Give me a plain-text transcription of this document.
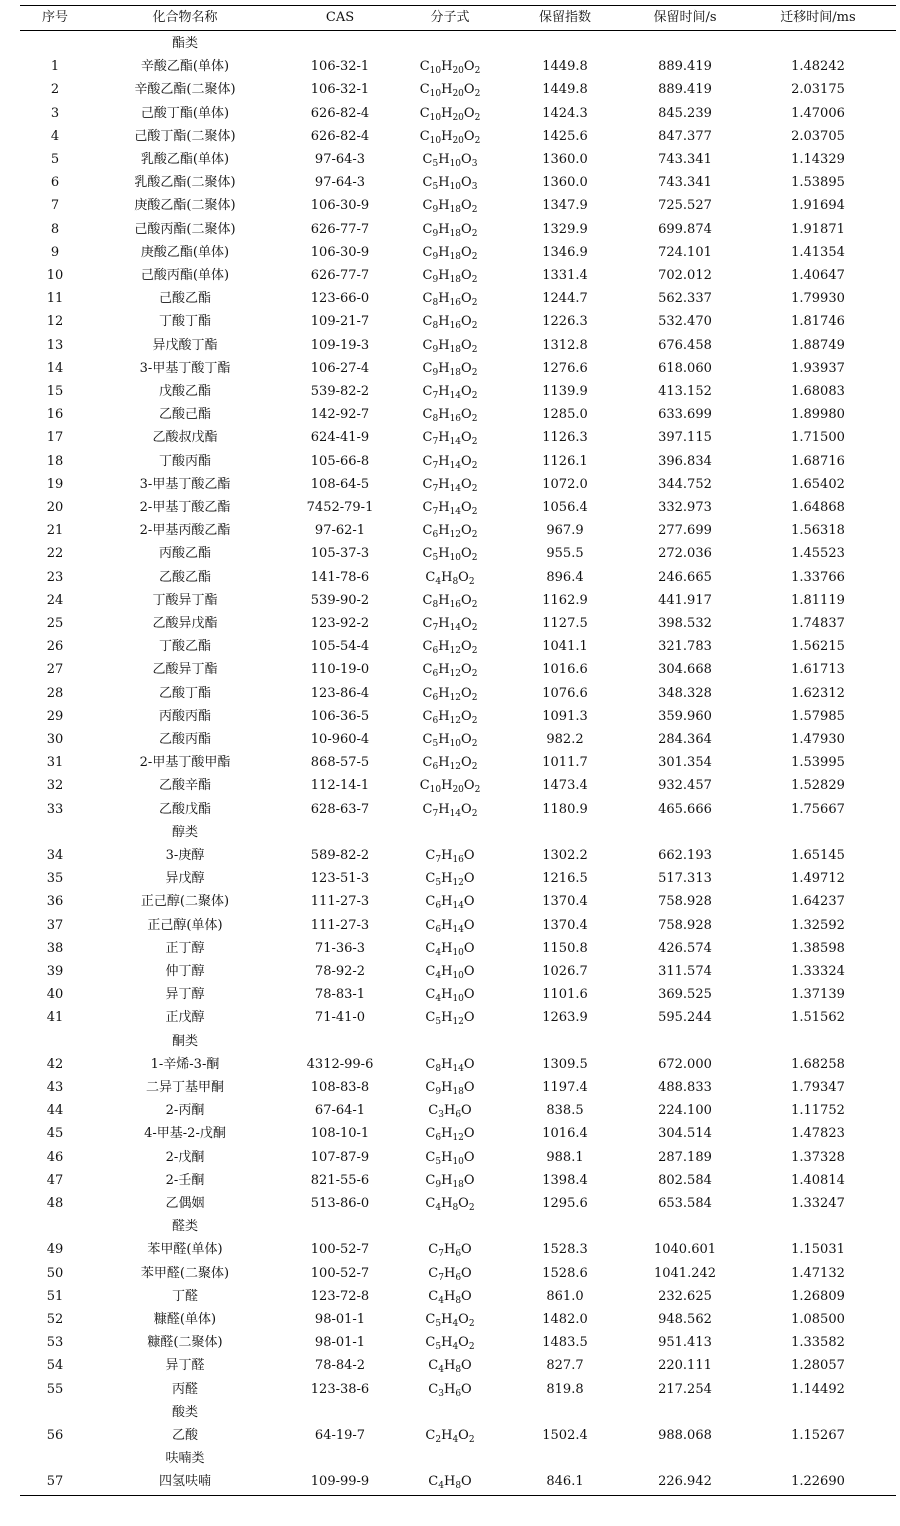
序号	化合物名称	CAS	分子式	保留指数	保留时间/s	迁移时间/ms
酯类
1	辛酸乙酯(单体)	106-32-1	$C_{10}H_{20}O_2$	1449.8	889.419	1.48242
2	辛酸乙酯(二聚体)	106-32-1	$C_{10}H_{20}O_2$	1449.8	889.419	2.03175
3	己酸丁酯(单体)	626-82-4	$C_{10}H_{20}O_2$	1424.3	845.239	1.47006
4	己酸丁酯(二聚体)	626-82-4	$C_{10}H_{20}O_2$	1425.6	847.377	2.03705
5	乳酸乙酯(单体)	97-64-3	$C_5H_{10}O_3$	1360.0	743.341	1.14329
6	乳酸乙酯(二聚体)	97-64-3	$C_5H_{10}O_3$	1360.0	743.341	1.53895
7	庚酸乙酯(二聚体)	106-30-9	$C_9H_{18}O_2$	1347.9	725.527	1.91694
8	己酸丙酯(二聚体)	626-77-7	$C_9H_{18}O_2$	1329.9	699.874	1.91871
9	庚酸乙酯(单体)	106-30-9	$C_9H_{18}O_2$	1346.9	724.101	1.41354
10	己酸丙酯(单体)	626-77-7	$C_9H_{18}O_2$	1331.4	702.012	1.40647
11	己酸乙酯	123-66-0	$C_8H_{16}O_2$	1244.7	562.337	1.79930
12	丁酸丁酯	109-21-7	$C_8H_{16}O_2$	1226.3	532.470	1.81746
13	异戊酸丁酯	109-19-3	$C_9H_{18}O_2$	1312.8	676.458	1.88749
14	3-甲基丁酸丁酯	106-27-4	$C_9H_{18}O_2$	1276.6	618.060	1.93937
15	戊酸乙酯	539-82-2	$C_7H_{14}O_2$	1139.9	413.152	1.68083
16	乙酸己酯	142-92-7	$C_8H_{16}O_2$	1285.0	633.699	1.89980
17	乙酸叔戊酯	624-41-9	$C_7H_{14}O_2$	1126.3	397.115	1.71500
18	丁酸丙酯	105-66-8	$C_7H_{14}O_2$	1126.1	396.834	1.68716
19	3-甲基丁酸乙酯	108-64-5	$C_7H_{14}O_2$	1072.0	344.752	1.65402
20	2-甲基丁酸乙酯	7452-79-1	$C_7H_{14}O_2$	1056.4	332.973	1.64868
21	2-甲基丙酸乙酯	97-62-1	$C_6H_{12}O_2$	967.9	277.699	1.56318
22	丙酸乙酯	105-37-3	$C_5H_{10}O_2$	955.5	272.036	1.45523
23	乙酸乙酯	141-78-6	$C_4H_8O_2$	896.4	246.665	1.33766
24	丁酸异丁酯	539-90-2	$C_8H_{16}O_2$	1162.9	441.917	1.81119
25	乙酸异戊酯	123-92-2	$C_7H_{14}O_2$	1127.5	398.532	1.74837
26	丁酸乙酯	105-54-4	$C_6H_{12}O_2$	1041.1	321.783	1.56215
27	乙酸异丁酯	110-19-0	$C_6H_{12}O_2$	1016.6	304.668	1.61713
28	乙酸丁酯	123-86-4	$C_6H_{12}O_2$	1076.6	348.328	1.62312
29	丙酸丙酯	106-36-5	$C_6H_{12}O_2$	1091.3	359.960	1.57985
30	乙酸丙酯	10-960-4	$C_5H_{10}O_2$	982.2	284.364	1.47930
31	2-甲基丁酸甲酯	868-57-5	$C_6H_{12}O_2$	1011.7	301.354	1.53995
32	乙酸辛酯	112-14-1	$C_{10}H_{20}O_2$	1473.4	932.457	1.52829
33	乙酸戊酯	628-63-7	$C_7H_{14}O_2$	1180.9	465.666	1.75667
醇类
34	3-庚醇	589-82-2	$C_7H_{16}O$	1302.2	662.193	1.65145
35	异戊醇	123-51-3	$C_5H_{12}O$	1216.5	517.313	1.49712
36	正己醇(二聚体)	111-27-3	$C_6H_{14}O$	1370.4	758.928	1.64237
37	正己醇(单体)	111-27-3	$C_6H_{14}O$	1370.4	758.928	1.32592
38	正丁醇	71-36-3	$C_4H_{10}O$	1150.8	426.574	1.38598
39	仲丁醇	78-92-2	$C_4H_{10}O$	1026.7	311.574	1.33324
40	异丁醇	78-83-1	$C_4H_{10}O$	1101.6	369.525	1.37139
41	正戊醇	71-41-0	$C_5H_{12}O$	1263.9	595.244	1.51562
酮类
42	1-辛烯-3-酮	4312-99-6	$C_8H_{14}O$	1309.5	672.000	1.68258
43	二异丁基甲酮	108-83-8	$C_9H_{18}O$	1197.4	488.833	1.79347
44	2-丙酮	67-64-1	$C_3H_6O$	838.5	224.100	1.11752
45	4-甲基-2-戊酮	108-10-1	$C_6H_{12}O$	1016.4	304.514	1.47823
46	2-戊酮	107-87-9	$C_5H_{10}O$	988.1	287.189	1.37328
47	2-壬酮	821-55-6	$C_9H_{18}O$	1398.4	802.584	1.40814
48	乙偶姻	513-86-0	$C_4H_8O_2$	1295.6	653.584	1.33247
醛类
49	苯甲醛(单体)	100-52-7	$C_7H_6O$	1528.3	1040.601	1.15031
50	苯甲醛(二聚体)	100-52-7	$C_7H_6O$	1528.6	1041.242	1.47132
51	丁醛	123-72-8	$C_4H_8O$	861.0	232.625	1.26809
52	糠醛(单体)	98-01-1	$C_5H_4O_2$	1482.0	948.562	1.08500
53	糠醛(二聚体)	98-01-1	$C_5H_4O_2$	1483.5	951.413	1.33582
54	异丁醛	78-84-2	$C_4H_8O$	827.7	220.111	1.28057
55	丙醛	123-38-6	$C_3H_6O$	819.8	217.254	1.14492
酸类
56	乙酸	64-19-7	$C_2H_4O_2$	1502.4	988.068	1.15267
呋喃类
57	四氢呋喃	109-99-9	$C_4H_8O$	846.1	226.942	1.22690
